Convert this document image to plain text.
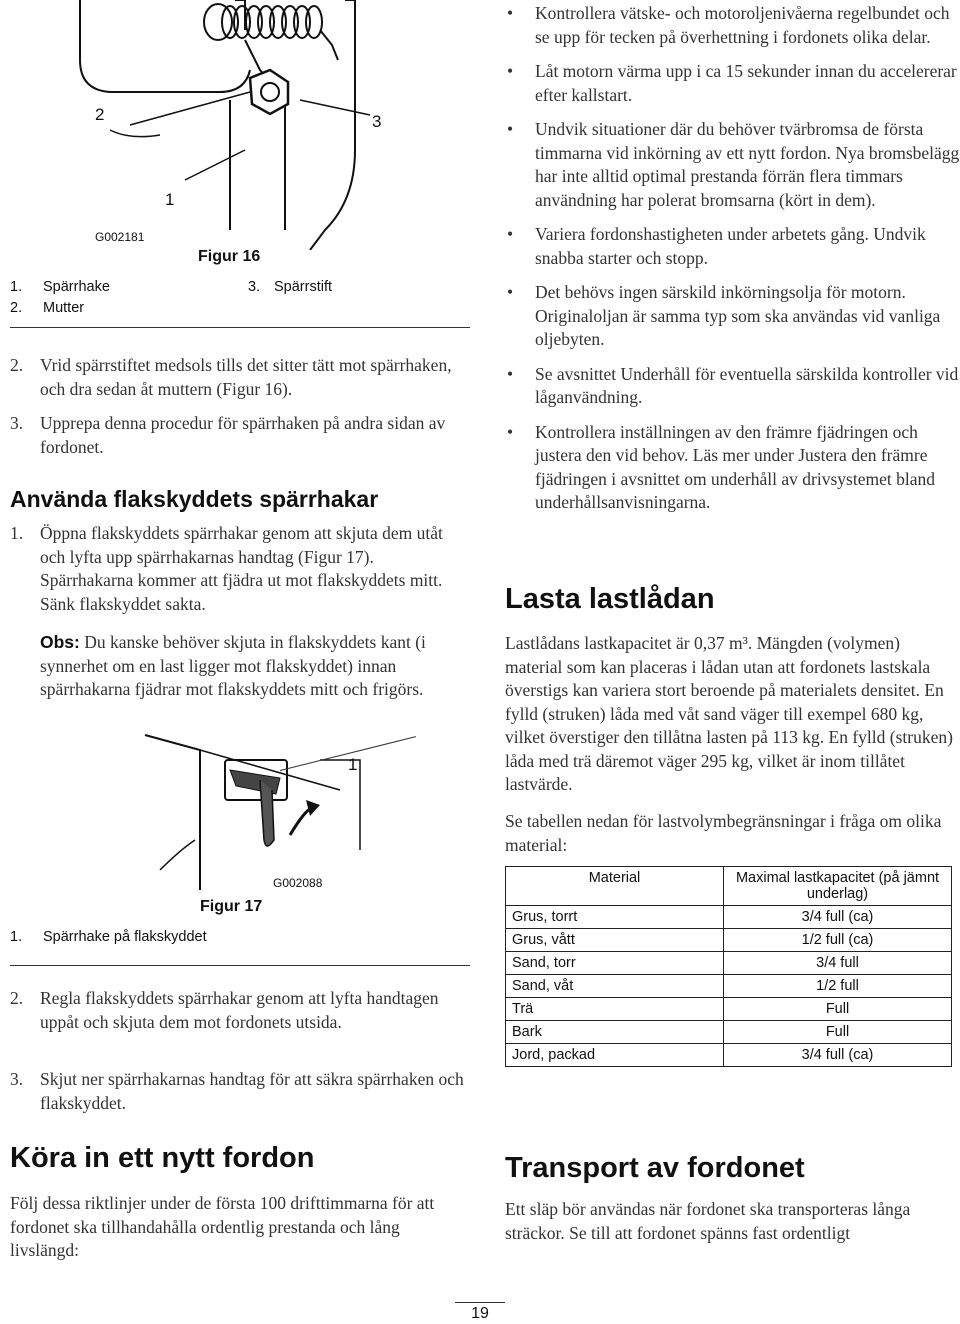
2	3
1
G002181
Figur 16
1. Spärrhake	3. Spärrstift
2. Mutter
2. Vrid spärrstiftet medsols tills det sitter tätt mot spärrhaken, och dra sedan åt muttern (Figur 16).
3. Upprepa denna procedur för spärrhaken på andra sidan av fordonet.
Använda flakskyddets spärrhakar
1. Öppna flakskyddets spärrhakar genom att skjuta dem utåt och lyfta upp spärrhakarnas handtag (Figur 17). Spärrhakarna kommer att fjädra ut mot flakskyddets mitt. Sänk flakskyddet sakta.
Obs: Du kanske behöver skjuta in flakskyddets kant (i synnerhet om en last ligger mot flakskyddet) innan spärrhakarna fjädrar mot flakskyddets mitt och frigörs.
1
G002088
Figur 17
1. Spärrhake på flakskyddet
2. Regla flakskyddets spärrhakar genom att lyfta handtagen uppåt och skjuta dem mot fordonets utsida.
3. Skjut ner spärrhakarnas handtag för att säkra spärrhaken och flakskyddet.
Köra in ett nytt fordon
Följ dessa riktlinjer under de första 100 drifttimmarna för att fordonet ska tillhandahålla ordentlig prestanda och lång livslängd:
• Kontrollera vätske- och motoroljenivåerna regelbundet och se upp för tecken på överhettning i fordonets olika delar.
• Låt motorn värma upp i ca 15 sekunder innan du accelererar efter kallstart.
• Undvik situationer där du behöver tvärbromsa de första timmarna vid inkörning av ett nytt fordon. Nya bromsbelägg har inte alltid optimal prestanda förrän flera timmars användning har polerat bromsarna (kört in dem).
• Variera fordonshastigheten under arbetets gång. Undvik snabba starter och stopp.
• Det behövs ingen särskild inkörningsolja för motorn. Originaloljan är samma typ som ska användas vid vanliga oljebyten.
• Se avsnittet Underhåll för eventuella särskilda kontroller vid låganvändning.
• Kontrollera inställningen av den främre fjädringen och justera den vid behov. Läs mer under Justera den främre fjädringen i avsnittet om underhåll av drivsystemet bland underhållsanvisningarna.
Lasta lastlådan
Lastlådans lastkapacitet är 0,37 m³. Mängden (volymen) material som kan placeras i lådan utan att fordonets lastskala överstigs kan variera stort beroende på materialets densitet. En fylld (struken) låda med våt sand väger till exempel 680 kg, vilket överstiger den tillåtna lasten på 113 kg. En fylld (struken) låda med trä däremot väger 295 kg, vilket är inom tillåtet lastvärde.
Se tabellen nedan för lastvolymbegränsningar i fråga om olika material:
Material	Maximal lastkapacitet (på jämnt underlag)
Grus, torrt	3/4 full (ca)
Grus, vått	1/2 full (ca)
Sand, torr	3/4 full
Sand, våt	1/2 full
Trä	Full
Bark	Full
Jord, packad	3/4 full (ca)
Transport av fordonet
Ett släp bör användas när fordonet ska transporteras långa sträckor. Se till att fordonet spänns fast ordentligt
19
